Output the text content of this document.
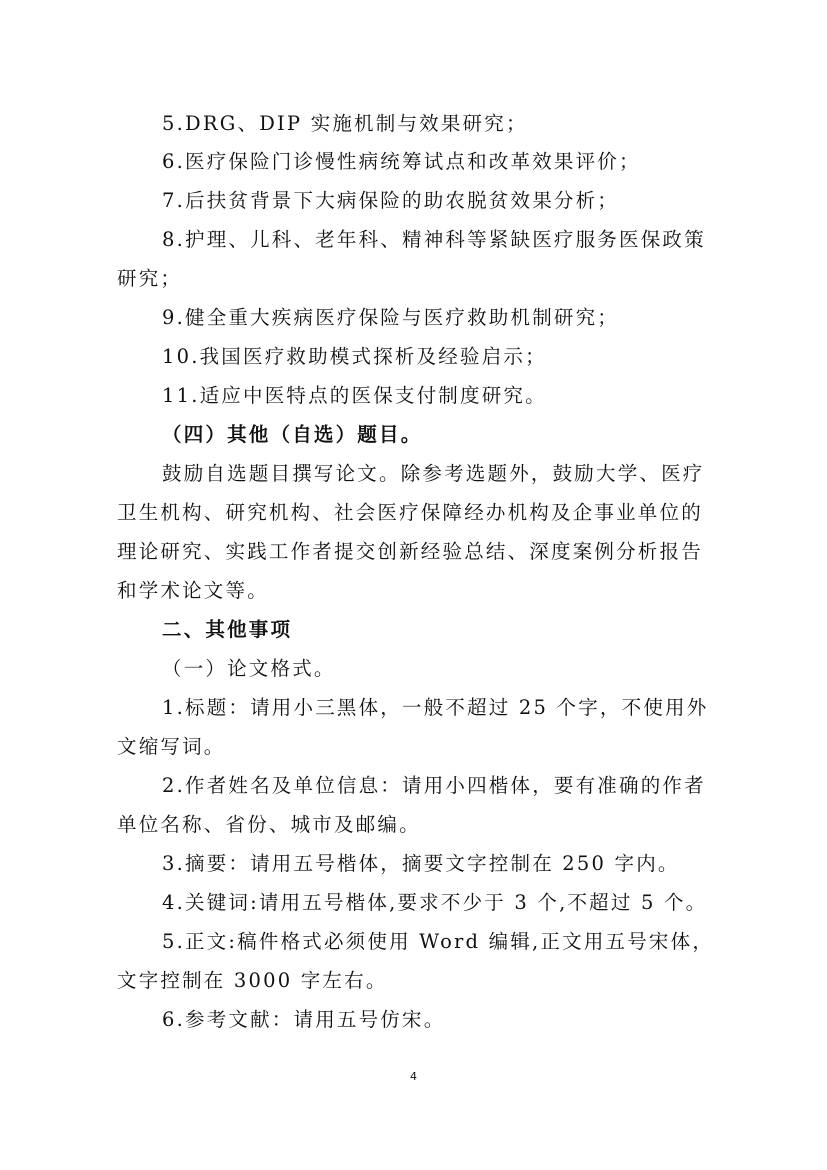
5.DRG、DIP 实施机制与效果研究；
6.医疗保险门诊慢性病统筹试点和改革效果评价；
7.后扶贫背景下大病保险的助农脱贫效果分析；
8.护理、儿科、老年科、精神科等紧缺医疗服务医保政策
研究；
9.健全重大疾病医疗保险与医疗救助机制研究；
10.我国医疗救助模式探析及经验启示；
11.适应中医特点的医保支付制度研究。
（四）其他（自选）题目。
鼓励自选题目撰写论文。除参考选题外，鼓励大学、医疗
卫生机构、研究机构、社会医疗保障经办机构及企事业单位的
理论研究、实践工作者提交创新经验总结、深度案例分析报告
和学术论文等。
二、其他事项
（一）论文格式。
1.标题：请用小三黑体，一般不超过 25 个字，不使用外
文缩写词。
2.作者姓名及单位信息：请用小四楷体，要有准确的作者
单位名称、省份、城市及邮编。
3.摘要：请用五号楷体，摘要文字控制在 250 字内。
4.关键词:请用五号楷体,要求不少于 3 个,不超过 5 个。
5.正文:稿件格式必须使用 Word 编辑,正文用五号宋体，
文字控制在 3000 字左右。
6.参考文献：请用五号仿宋。
4
